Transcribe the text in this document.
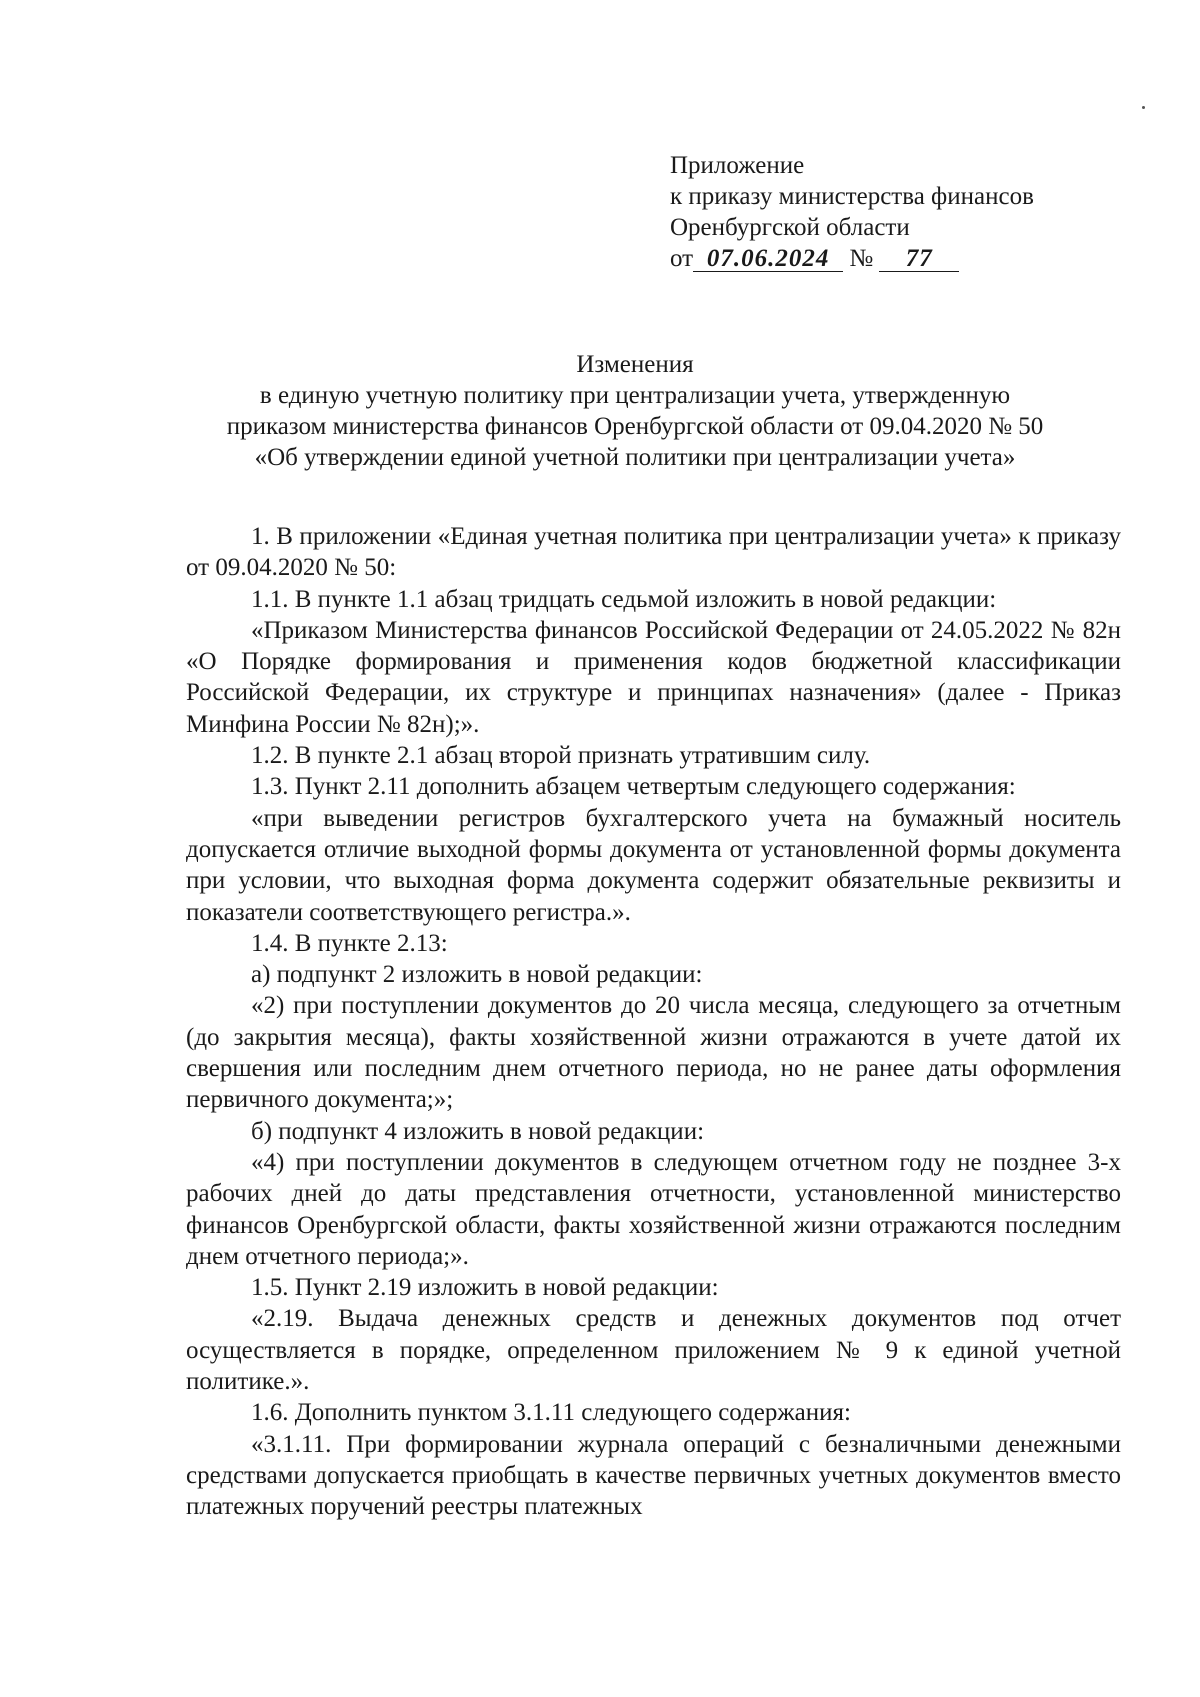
Приложение
к приказу министерства финансов
Оренбургской области
от 07.06.2024 № 77
Изменения
в единую учетную политику при централизации учета, утвержденную
приказом министерства финансов Оренбургской области от 09.04.2020 № 50
«Об утверждении единой учетной политики при централизации учета»

1. В приложении «Единая учетная политика при централизации учета» к приказу от 09.04.2020 № 50:

1.1. В пункте 1.1 абзац тридцать седьмой изложить в новой редакции:

«Приказом Министерства финансов Российской Федерации от 24.05.2022 № 82н «О Порядке формирования и применения кодов бюджетной классификации Российской Федерации, их структуре и принципах назначения» (далее - Приказ Минфина России № 82н);».

1.2. В пункте 2.1 абзац второй признать утратившим силу.

1.3. Пункт 2.11 дополнить абзацем четвертым следующего содержания:

«при выведении регистров бухгалтерского учета на бумажный носитель допускается отличие выходной формы документа от установленной формы документа при условии, что выходная форма документа содержит обязательные реквизиты и показатели соответствующего регистра.».

1.4. В пункте 2.13:

а) подпункт 2 изложить в новой редакции:

«2) при поступлении документов до 20 числа месяца, следующего за отчетным (до закрытия месяца), факты хозяйственной жизни отражаются в учете датой их свершения или последним днем отчетного периода, но не ранее даты оформления первичного документа;»;

б) подпункт 4 изложить в новой редакции:

«4) при поступлении документов в следующем отчетном году не позднее 3-х рабочих дней до даты представления отчетности, установленной министерство финансов Оренбургской области, факты хозяйственной жизни отражаются последним днем отчетного периода;».

1.5. Пункт 2.19 изложить в новой редакции:

«2.19. Выдача денежных средств и денежных документов под отчет осуществляется в порядке, определенном приложением № 9 к единой учетной политике.».

1.6. Дополнить пунктом 3.1.11 следующего содержания:

«3.1.11. При формировании журнала операций с безналичными денежными средствами допускается приобщать в качестве первичных учетных документов вместо платежных поручений реестры платежных
